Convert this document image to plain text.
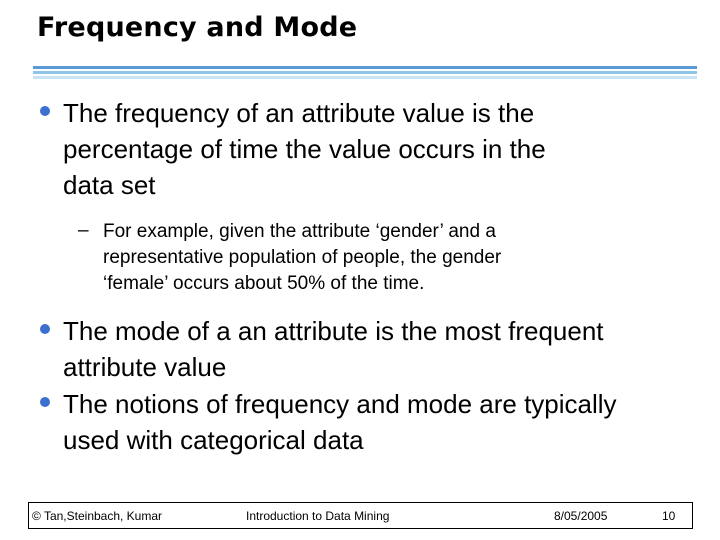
Frequency and Mode
The frequency of an attribute value is the
percentage of time the value occurs in the
data set
– For example, given the attribute ‘gender’ and a
representative population of people, the gender
‘female’ occurs about 50% of the time.
The mode of a an attribute is the most frequent
attribute value
The notions of frequency and mode are typically
used with categorical data
© Tan,Steinbach, Kumar	Introduction to Data Mining	8/05/2005	10
